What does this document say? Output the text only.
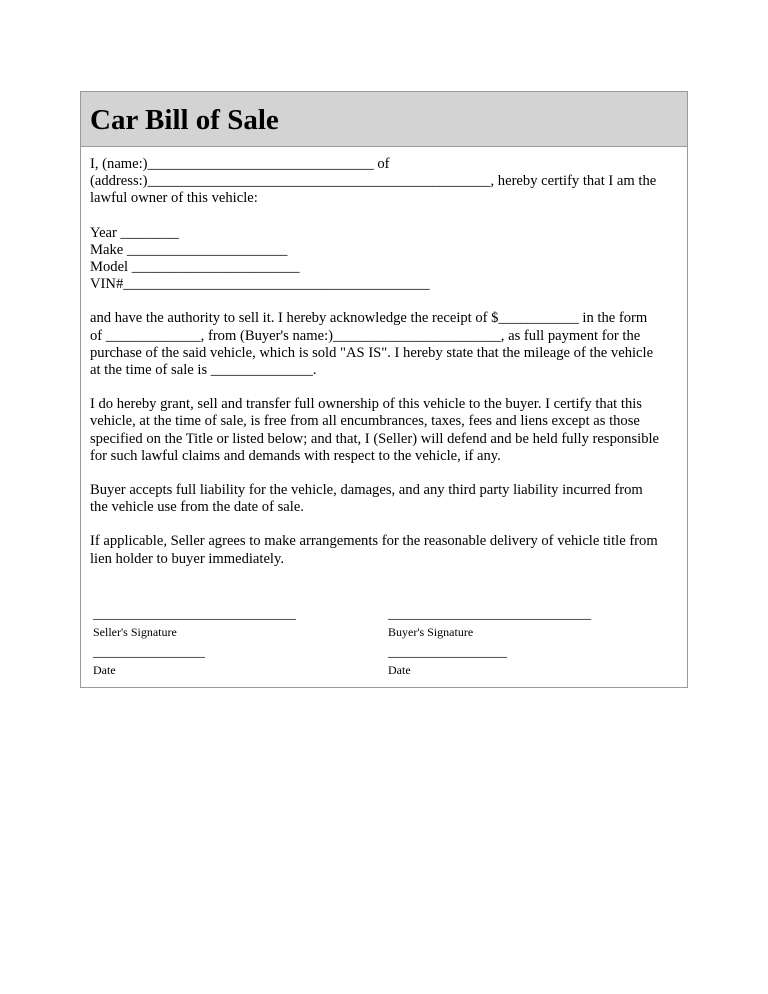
Car Bill of Sale
I, (name:)_______________________________ of
(address:)_______________________________________________, hereby certify that I am the
lawful owner of this vehicle:
Year ________
Make ______________________
Model _______________________
VIN#__________________________________________
and have the authority to sell it. I hereby acknowledge the receipt of $___________ in the form
of _____________, from (Buyer's name:)_______________________, as full payment for the
purchase of the said vehicle, which is sold "AS IS". I hereby state that the mileage of the vehicle
at the time of sale is ______________.
I do hereby grant, sell and transfer full ownership of this vehicle to the buyer. I certify that this
vehicle, at the time of sale, is free from all encumbrances, taxes, fees and liens except as those
specified on the Title or listed below; and that, I (Seller) will defend and be held fully responsible
for such lawful claims and demands with respect to the vehicle, if any.
Buyer accepts full liability for the vehicle, damages, and any third party liability incurred from
the vehicle use from the date of sale.
If applicable, Seller agrees to make arrangements for the reasonable delivery of vehicle title from
lien holder to buyer immediately.
_____________________________
Seller's Signature
________________
Date
_____________________________
Buyer's Signature
_________________
Date
